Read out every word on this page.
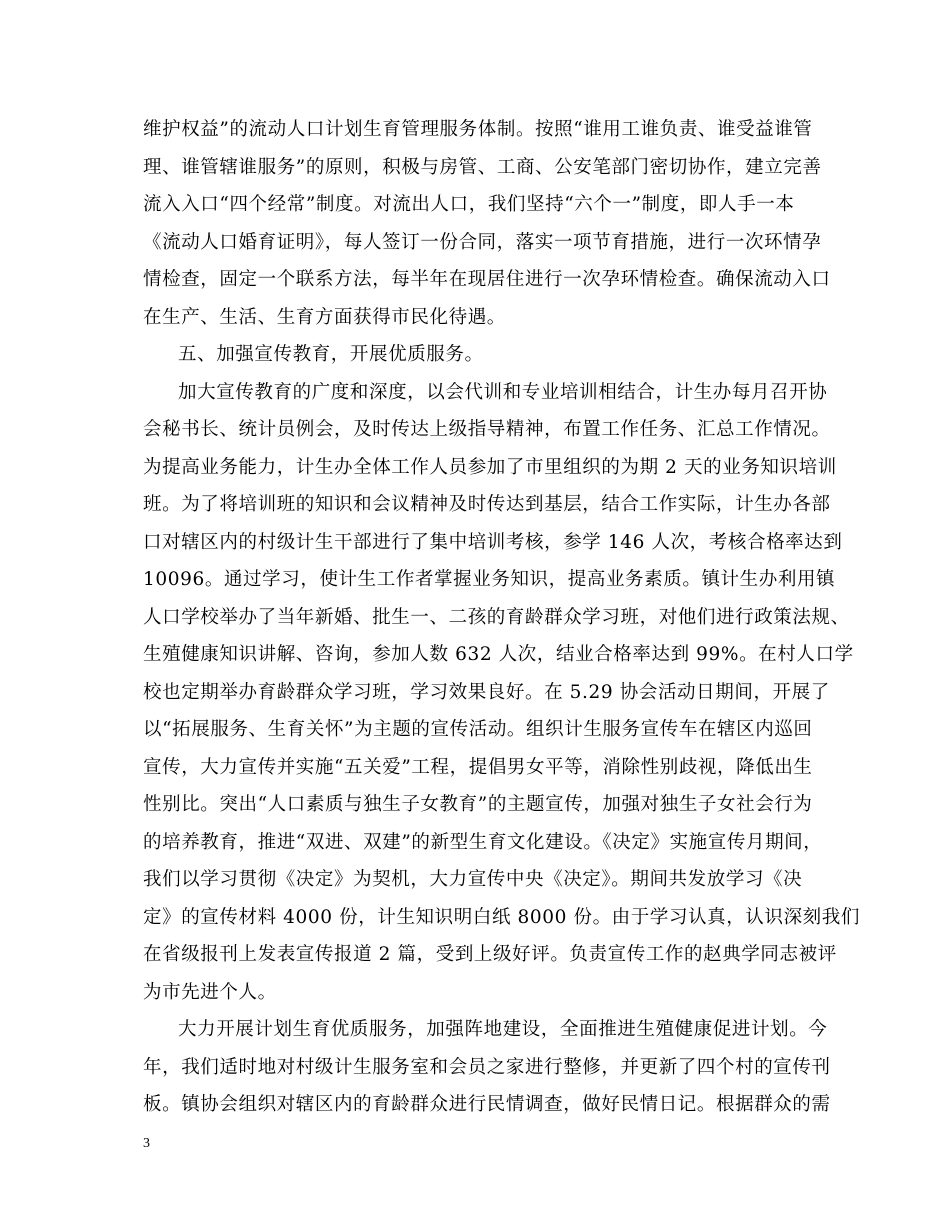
维护权益”的流动人口计划生育管理服务体制。按照“谁用工谁负责、谁受益谁管
理、谁管辖谁服务”的原则，积极与房管、工商、公安笔部门密切协作，建立完善
流入入口“四个经常”制度。对流出人口，我们坚持“六个一”制度，即人手一本
《流动人口婚育证明》，每人签订一份合同，落实一项节育措施，进行一次环情孕
情检查，固定一个联系方法，每半年在现居住进行一次孕环情检查。确保流动入口
在生产、生活、生育方面获得市民化待遇。
五、加强宣传教育，开展优质服务。
加大宣传教育的广度和深度，以会代训和专业培训相结合，计生办每月召开协
会秘书长、统计员例会，及时传达上级指导精神，布置工作任务、汇总工作情况。
为提高业务能力，计生办全体工作人员参加了市里组织的为期 2 天的业务知识培训
班。为了将培训班的知识和会议精神及时传达到基层，结合工作实际，计生办各部
口对辖区内的村级计生干部进行了集中培训考核，参学 146 人次，考核合格率达到
10096。通过学习，使计生工作者掌握业务知识，提高业务素质。镇计生办利用镇
人口学校举办了当年新婚、批生一、二孩的育龄群众学习班，对他们进行政策法规、
生殖健康知识讲解、咨询，参加人数 632 人次，结业合格率达到 99%。在村人口学
校也定期举办育龄群众学习班，学习效果良好。在 5.29 协会活动日期间，开展了
以“拓展服务、生育关怀”为主题的宣传活动。组织计生服务宣传车在辖区内巡回
宣传，大力宣传并实施“五关爱”工程，提倡男女平等，消除性别歧视，降低出生
性别比。突出“人口素质与独生子女教育”的主题宣传，加强对独生子女社会行为
的培养教育，推进“双进、双建”的新型生育文化建设。《决定》实施宣传月期间，
我们以学习贯彻《决定》为契机，大力宣传中央《决定》。期间共发放学习《决
定》的宣传材料 4000 份，计生知识明白纸 8000 份。由于学习认真，认识深刻我们
在省级报刊上发表宣传报道 2 篇，受到上级好评。负责宣传工作的赵典学同志被评
为市先进个人。
大力开展计划生育优质服务，加强阵地建设，全面推进生殖健康促进计划。今
年，我们适时地对村级计生服务室和会员之家进行整修，并更新了四个村的宣传刊
板。镇协会组织对辖区内的育龄群众进行民情调查，做好民情日记。根据群众的需
3
